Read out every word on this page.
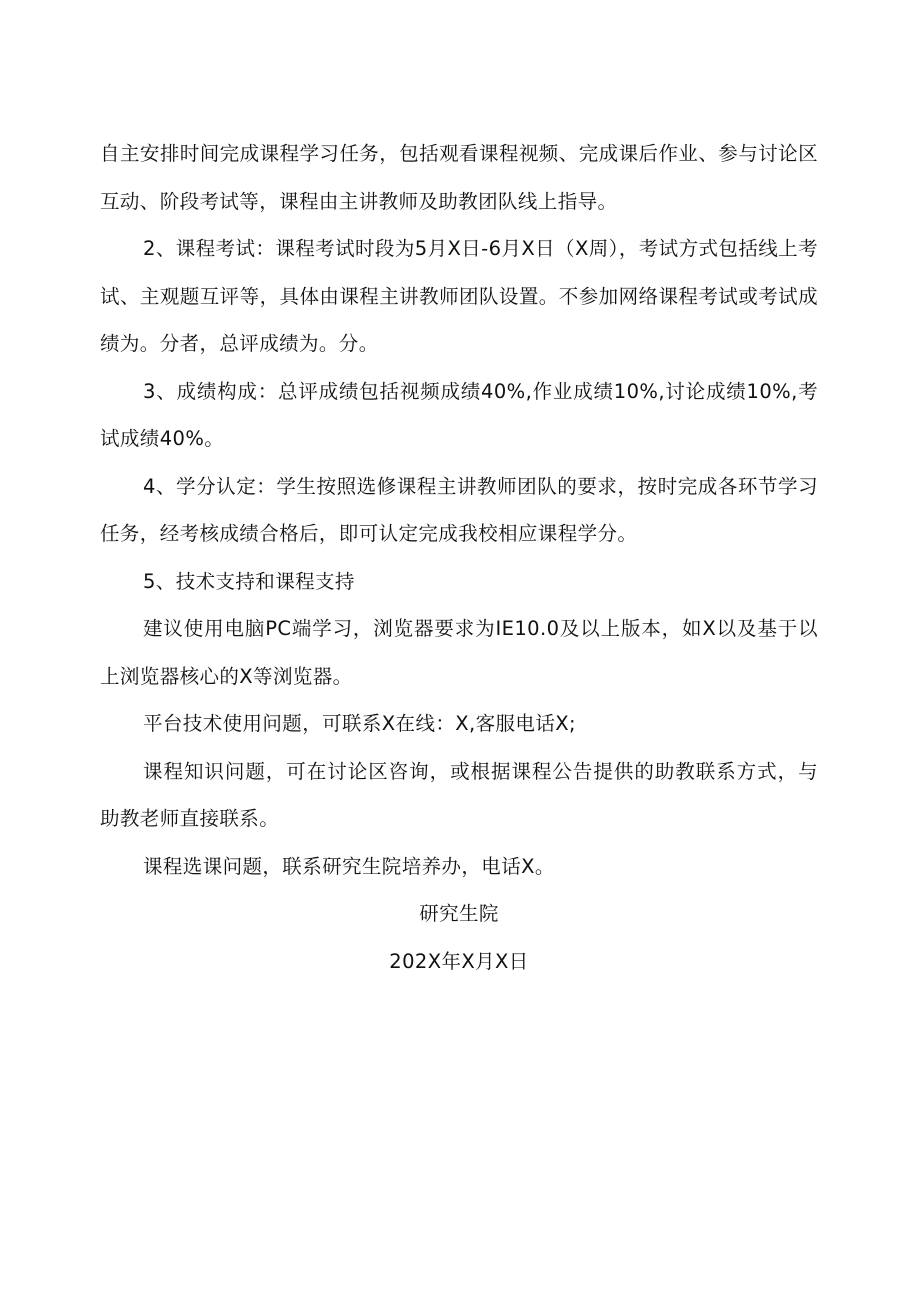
自主安排时间完成课程学习任务，包括观看课程视频、完成课后作业、参与讨论区互动、阶段考试等，课程由主讲教师及助教团队线上指导。

2、课程考试：课程考试时段为5月X日-6月X日（X周），考试方式包括线上考试、主观题互评等，具体由课程主讲教师团队设置。不参加网络课程考试或考试成绩为。分者，总评成绩为。分。

3、成绩构成：总评成绩包括视频成绩40%,作业成绩10%,讨论成绩10%,考试成绩40%。

4、学分认定：学生按照选修课程主讲教师团队的要求，按时完成各环节学习任务，经考核成绩合格后，即可认定完成我校相应课程学分。

5、技术支持和课程支持

建议使用电脑PC端学习，浏览器要求为IE10.0及以上版本，如X以及基于以上浏览器核心的X等浏览器。

平台技术使用问题，可联系X在线：X,客服电话X;

课程知识问题，可在讨论区咨询，或根据课程公告提供的助教联系方式，与助教老师直接联系。

课程选课问题，联系研究生院培养办，电话X。

研究生院

202X年X月X日
